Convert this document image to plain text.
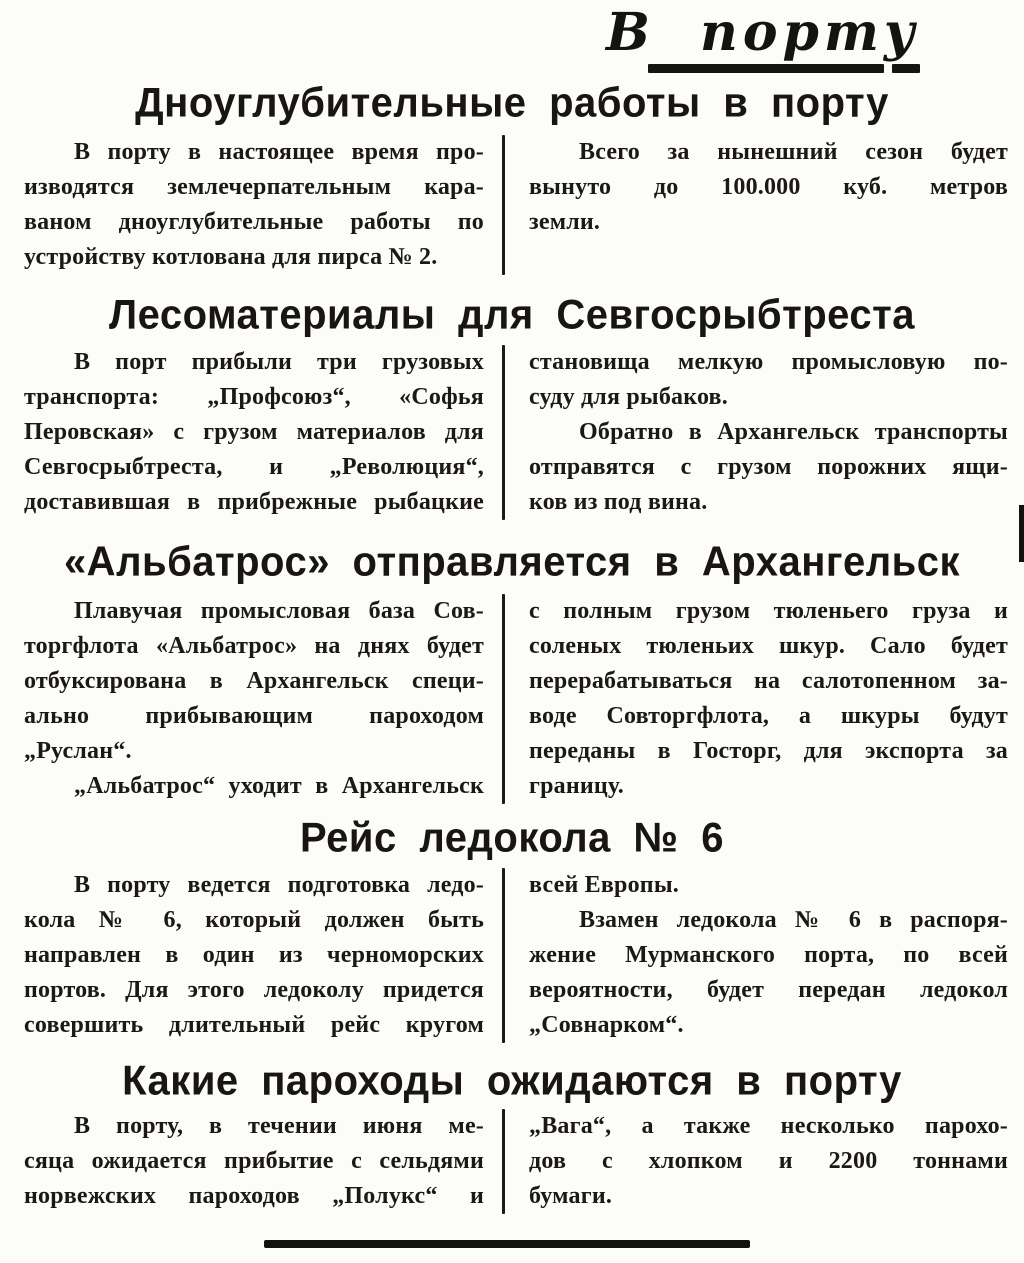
В порту
Дноуглубительные работы в порту
В порту в настоящее время про-
изводятся землечерпательным кара-
ваном дноуглубительные работы по
устройству котлована для пирса № 2.
Всего за нынешний сезон будет
вынуто до 100.000 куб. метров
земли.
Лесоматериалы для Севгосрыбтреста
В порт прибыли три грузовых
транспорта: „Профсоюз“, «Софья
Перовская» с грузом материалов для
Севгосрыбтреста, и „Революция“,
доставившая в прибрежные рыбацкие
становища мелкую промысловую по-
суду для рыбаков.
Обратно в Архангельск транспорты
отправятся с грузом порожних ящи-
ков из под вина.
«Альбатрос» отправляется в Архангельск
Плавучая промысловая база Сов-
торгфлота «Альбатрос» на днях будет
отбуксирована в Архангельск специ-
ально прибывающим пароходом
„Руслан“.
„Альбатрос“ уходит в Архангельск
с полным грузом тюленьего груза и
соленых тюленьих шкур. Сало будет
перерабатываться на салотопенном за-
воде Совторгфлота, а шкуры будут
переданы в Госторг, для экспорта за
границу.
Рейс ледокола № 6
В порту ведется подготовка ледо-
кола № 6, который должен быть
направлен в один из черноморских
портов. Для этого ледоколу придется
совершить длительный рейс кругом
всей Европы.
Взамен ледокола № 6 в распоря-
жение Мурманского порта, по всей
вероятности, будет передан ледокол
„Совнарком“.
Какие пароходы ожидаются в порту
В порту, в течении июня ме-
сяца ожидается прибытие с сельдями
норвежских пароходов „Полукс“ и
„Вага“, а также несколько парохо-
дов с хлопком и 2200 тоннами
бумаги.
